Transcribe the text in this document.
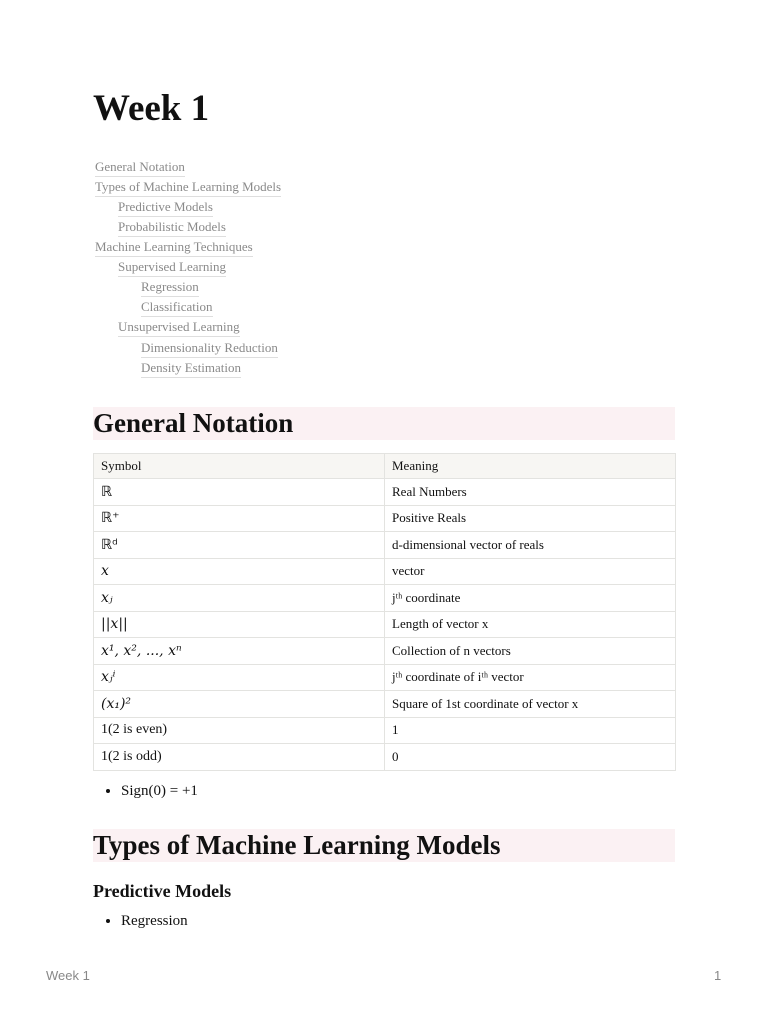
Week 1
General Notation
Types of Machine Learning Models
Predictive Models
Probabilistic Models
Machine Learning Techniques
Supervised Learning
Regression
Classification
Unsupervised Learning
Dimensionality Reduction
Density Estimation
General Notation
Symbol	Meaning
ℝ	Real Numbers
ℝ⁺	Positive Reals
ℝᵈ	d-dimensional vector of reals
x	vector
xⱼ	jᵗʰ coordinate
||x||	Length of vector x
x¹, x², ..., xⁿ	Collection of n vectors
xⱼⁱ	jᵗʰ coordinate of iᵗʰ vector
(x₁)²	Square of 1st coordinate of vector x
1(2 is even)	1
1(2 is odd)	0
• Sign(0) = +1
Types of Machine Learning Models
Predictive Models
• Regression
Week 1	1
